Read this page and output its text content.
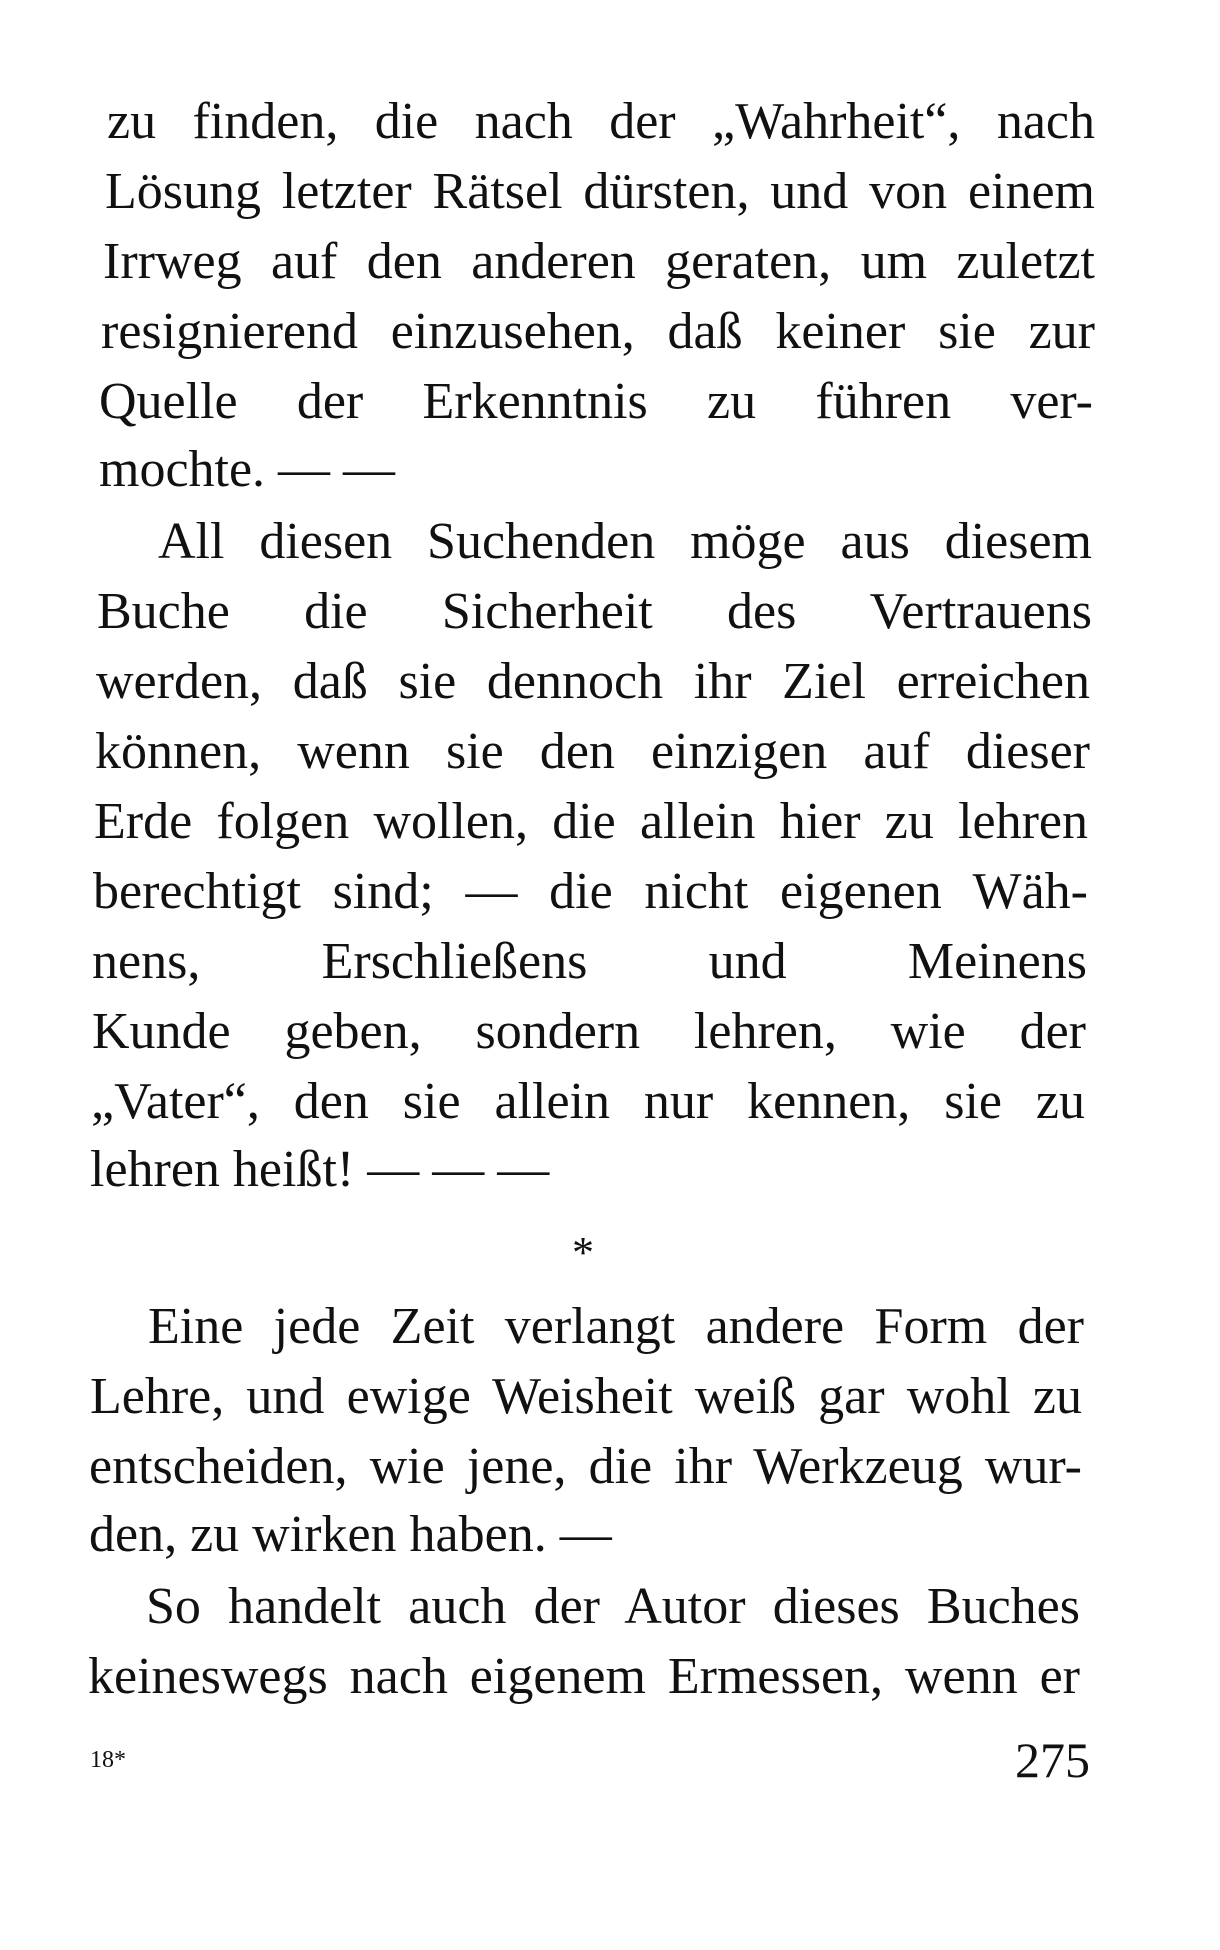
zu finden, die nach der „Wahrheit“, nach
Lösung letzter Rätsel dürsten, und von einem
Irrweg auf den anderen geraten, um zuletzt
resignierend einzusehen, daß keiner sie zur
Quelle der Erkenntnis zu führen ver-
mochte. — —
All diesen Suchenden möge aus diesem
Buche die Sicherheit des Vertrauens
werden, daß sie dennoch ihr Ziel erreichen
können, wenn sie den einzigen auf dieser
Erde folgen wollen, die allein hier zu lehren
berechtigt sind; — die nicht eigenen Wäh-
nens, Erschließens und Meinens
Kunde geben, sondern lehren, wie der
„Vater“, den sie allein nur kennen, sie zu
lehren heißt! — — —
*
Eine jede Zeit verlangt andere Form der
Lehre, und ewige Weisheit weiß gar wohl zu
entscheiden, wie jene, die ihr Werkzeug wur-
den, zu wirken haben. —
So handelt auch der Autor dieses Buches
keineswegs nach eigenem Ermessen, wenn er
18*	275
